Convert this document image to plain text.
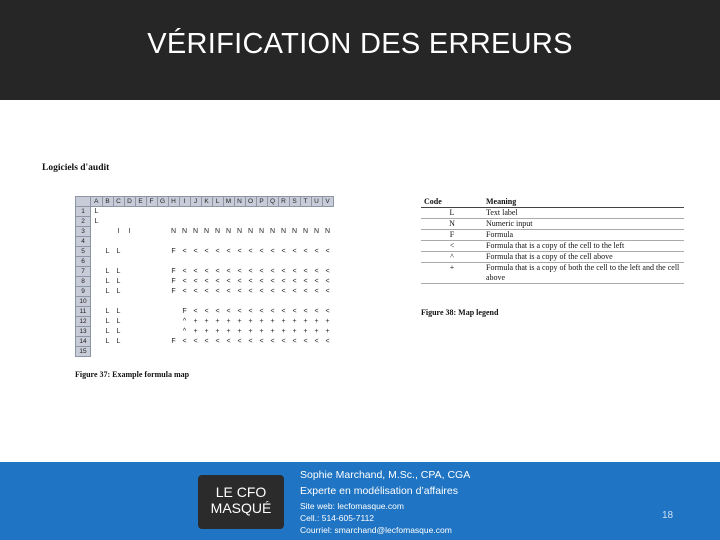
VÉRIFICATION DES ERREURS
Logiciels d'audit
	A	B	C	D	E	F	G	H	I	J	K	L	M	N	O	P	Q	R	S	T	U	V
1	L																					
2	L																					
3			I	I				N	N	N	N	N	N	N	N	N	N	N	N	N	N	N
4																						
5		L	L					F	<	<	<	<	<	<	<	<	<	<	<	<	<	<
6																						
7		L	L					F	<	<	<	<	<	<	<	<	<	<	<	<	<	<
8		L	L					F	<	<	<	<	<	<	<	<	<	<	<	<	<	<
9		L	L					F	<	<	<	<	<	<	<	<	<	<	<	<	<	<
10																						
11		L	L						F	<	<	<	<	<	<	<	<	<	<	<	<	<
12		L	L						^	+	+	+	+	+	+	+	+	+	+	+	+	+
13		L	L						^	+	+	+	+	+	+	+	+	+	+	+	+	+
14		L	L					F	<	<	<	<	<	<	<	<	<	<	<	<	<	<
15																						
Figure 37: Example formula map
Code	Meaning
L	Text label
N	Numeric input
F	Formula
<	Formula that is a copy of the cell to the left
^	Formula that is a copy of the cell above
+	Formula that is a copy of both the cell to the left and the cell above
Figure 38: Map legend
LE CFO
MASQUÉ
Sophie Marchand, M.Sc., CPA, CGA
Experte en modélisation d’affaires
Site web: lecfomasque.com
Cell.: 514-605-7112
Courriel: smarchand@lecfomasque.com
18
